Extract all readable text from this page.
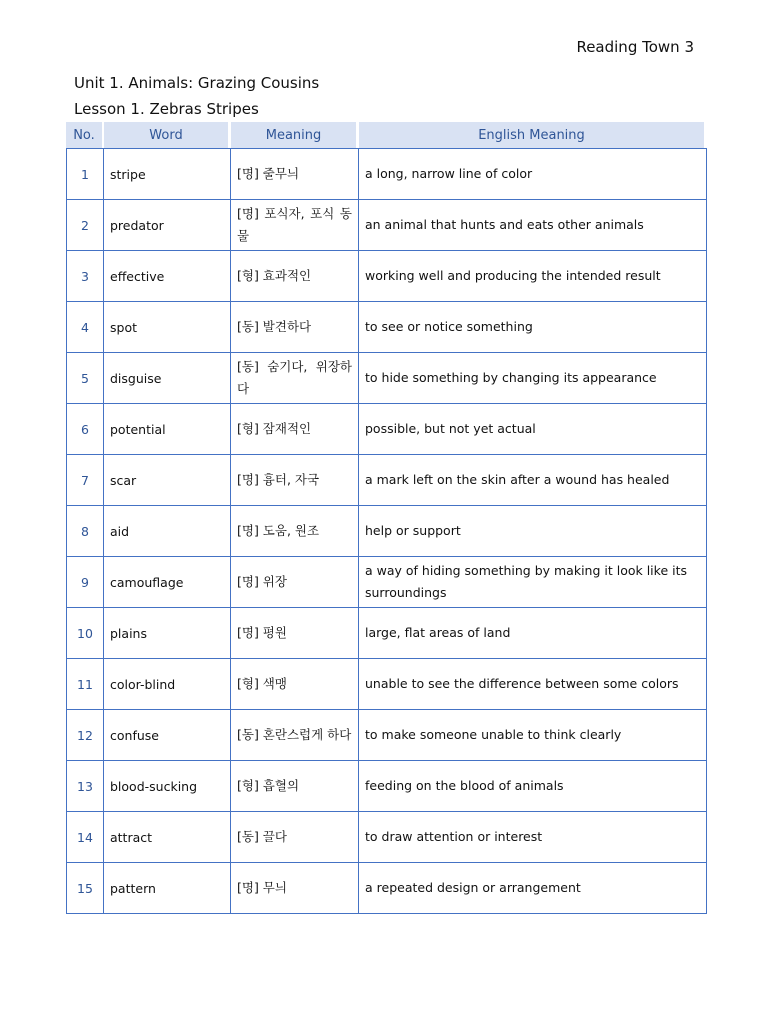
Reading Town 3
Unit 1. Animals: Grazing Cousins
Lesson 1. Zebras Stripes
No.	Word	Meaning	English Meaning
1	stripe	[명] 줄무늬	a long, narrow line of color
2	predator	[명] 포식자, 포식 동물	an animal that hunts and eats other animals
3	effective	[형] 효과적인	working well and producing the intended result
4	spot	[동] 발견하다	to see or notice something
5	disguise	[동] 숨기다, 위장하다	to hide something by changing its appearance
6	potential	[형] 잠재적인	possible, but not yet actual
7	scar	[명] 흉터, 자국	a mark left on the skin after a wound has healed
8	aid	[명] 도움, 원조	help or support
9	camouflage	[명] 위장	a way of hiding something by making it look like its surroundings
10	plains	[명] 평원	large, flat areas of land
11	color-blind	[형] 색맹	unable to see the difference between some colors
12	confuse	[동] 혼란스럽게 하다	to make someone unable to think clearly
13	blood-sucking	[형] 흡혈의	feeding on the blood of animals
14	attract	[동] 끌다	to draw attention or interest
15	pattern	[명] 무늬	a repeated design or arrangement
